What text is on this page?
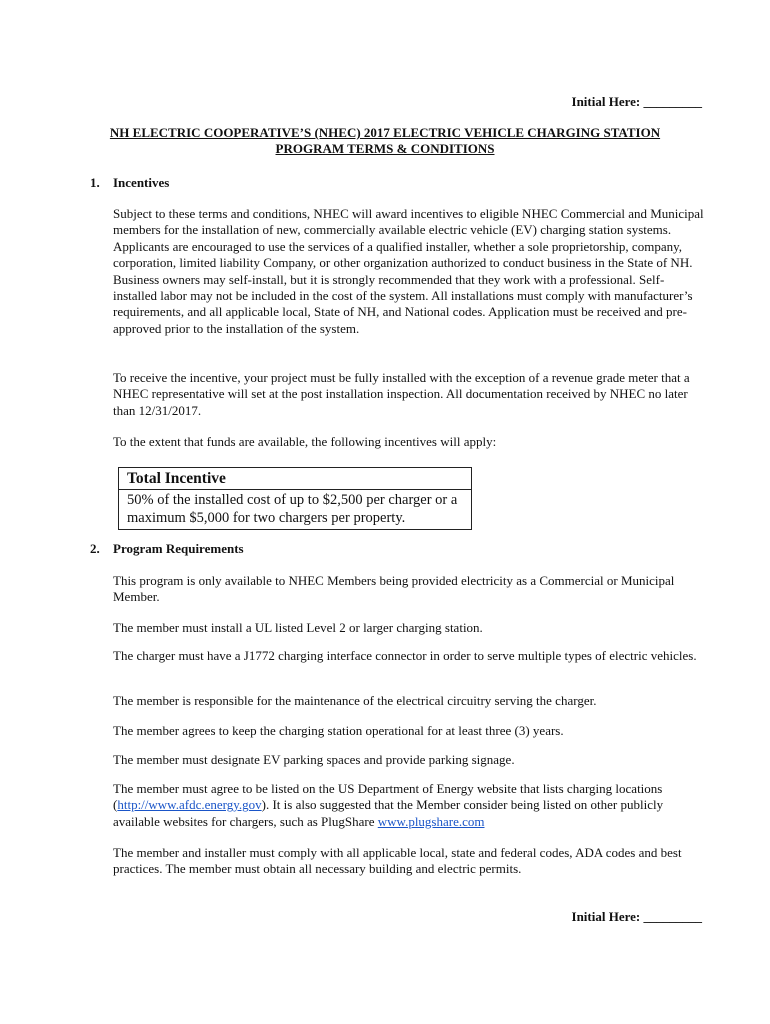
Initial Here: _________
NH ELECTRIC COOPERATIVE’S (NHEC) 2017 ELECTRIC VEHICLE CHARGING STATION
PROGRAM TERMS & CONDITIONS
1. Incentives
Subject to these terms and conditions, NHEC will award incentives to eligible NHEC Commercial and Municipal members for the installation of new, commercially available electric vehicle (EV) charging station systems. Applicants are encouraged to use the services of a qualified installer, whether a sole proprietorship, company, corporation, limited liability Company, or other organization authorized to conduct business in the State of NH. Business owners may self-install, but it is strongly recommended that they work with a professional. Self-installed labor may not be included in the cost of the system. All installations must comply with manufacturer’s requirements, and all applicable local, State of NH, and National codes. Application must be received and pre-approved prior to the installation of the system.
To receive the incentive, your project must be fully installed with the exception of a revenue grade meter that a NHEC representative will set at the post installation inspection. All documentation received by NHEC no later than 12/31/2017.
To the extent that funds are available, the following incentives will apply:
Total Incentive
50% of the installed cost of up to $2,500 per charger or a maximum $5,000 for two chargers per property.
2. Program Requirements
This program is only available to NHEC Members being provided electricity as a Commercial or Municipal Member.
The member must install a UL listed Level 2 or larger charging station.
The charger must have a J1772 charging interface connector in order to serve multiple types of electric vehicles.
The member is responsible for the maintenance of the electrical circuitry serving the charger.
The member agrees to keep the charging station operational for at least three (3) years.
The member must designate EV parking spaces and provide parking signage.
The member must agree to be listed on the US Department of Energy website that lists charging locations (http://www.afdc.energy.gov). It is also suggested that the Member consider being listed on other publicly available websites for chargers, such as PlugShare www.plugshare.com
The member and installer must comply with all applicable local, state and federal codes, ADA codes and best practices. The member must obtain all necessary building and electric permits.
Initial Here: _________
